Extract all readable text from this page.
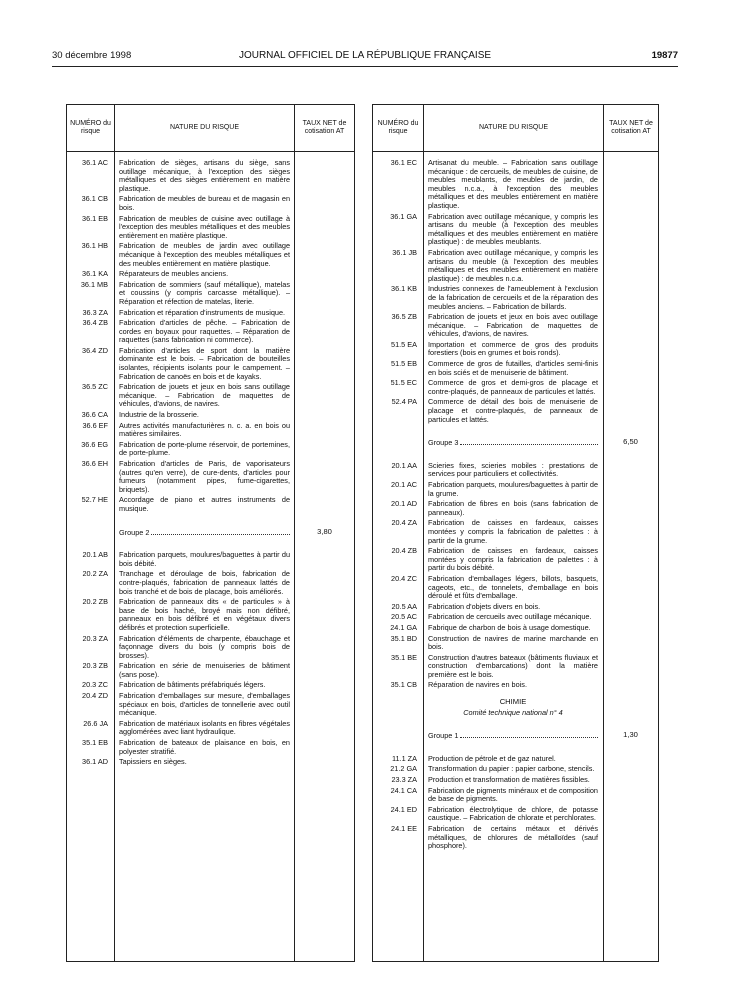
30 décembre 1998	JOURNAL OFFICIEL DE LA RÉPUBLIQUE FRANÇAISE	19877
NUMÉRO du risque
NATURE DU RISQUE
TAUX NET de cotisation AT
36.1 AC	Fabrication de sièges, artisans du siège, sans outillage mécanique, à l'exception des sièges métalliques et des sièges entièrement en matière plastique.
36.1 CB	Fabrication de meubles de bureau et de magasin en bois.
36.1 EB	Fabrication de meubles de cuisine avec outillage à l'exception des meubles métalliques et des meubles entièrement en matière plastique.
36.1 HB	Fabrication de meubles de jardin avec outillage mécanique à l'exception des meubles métalliques et des meubles entièrement en matière plastique.
36.1 KA	Réparateurs de meubles anciens.
36.1 MB	Fabrication de sommiers (sauf métallique), matelas et coussins (y compris carcasse métallique). – Réparation et réfection de matelas, literie.
36.3 ZA	Fabrication et réparation d'instruments de musique.
36.4 ZB	Fabrication d'articles de pêche. – Fabrication de cordes en boyaux pour raquettes. – Réparation de raquettes (sans fabrication ni commerce).
36.4 ZD	Fabrication d'articles de sport dont la matière dominante est le bois. – Fabrication de bouteilles isolantes, récipients isolants pour le campement. – Fabrication de canoës en bois et de kayaks.
36.5 ZC	Fabrication de jouets et jeux en bois sans outillage mécanique. – Fabrication de maquettes de véhicules, d'avions, de navires.
36.6 CA	Industrie de la brosserie.
36.6 EF	Autres activités manufacturières n. c. a. en bois ou matières similaires.
36.6 EG	Fabrication de porte-plume réservoir, de portemines, de porte-plume.
36.6 EH	Fabrication d'articles de Paris, de vaporisateurs (autres qu'en verre), de cure-dents, d'articles pour fumeurs (notamment pipes, fume-cigarettes, briquets).
52.7 HE	Accordage de piano et autres instruments de musique.
Groupe 2	3,80
20.1 AB	Fabrication parquets, moulures/baguettes à partir du bois débité.
20.2 ZA	Tranchage et déroulage de bois, fabrication de contre-plaqués, fabrication de panneaux lattés de bois tranché et de bois de placage, bois améliorés.
20.2 ZB	Fabrication de panneaux dits « de particules » à base de bois haché, broyé mais non défibré, panneaux en bois défibré et en végétaux divers défibrés et protection superficielle.
20.3 ZA	Fabrication d'éléments de charpente, ébauchage et façonnage divers du bois (y compris bois de brosses).
20.3 ZB	Fabrication en série de menuiseries de bâtiment (sans pose).
20.3 ZC	Fabrication de bâtiments préfabriqués légers.
20.4 ZD	Fabrication d'emballages sur mesure, d'emballages spéciaux en bois, d'articles de tonnellerie avec outil mécanique.
26.6 JA	Fabrication de matériaux isolants en fibres végétales agglomérées avec liant hydraulique.
35.1 EB	Fabrication de bateaux de plaisance en bois, en polyester stratifié.
36.1 AD	Tapissiers en sièges.
NUMÉRO du risque
NATURE DU RISQUE
TAUX NET de cotisation AT
36.1 EC	Artisanat du meuble. – Fabrication sans outillage mécanique : de cercueils, de meubles de cuisine, de meubles meublants, de meubles de jardin, de meubles n.c.a., à l'exception des meubles métalliques et des meubles entièrement en matière plastique.
36.1 GA	Fabrication avec outillage mécanique, y compris les artisans du meuble (à l'exception des meubles métalliques et des meubles entièrement en matière plastique) : de meubles meublants.
36.1 JB	Fabrication avec outillage mécanique, y compris les artisans du meuble (à l'exception des meubles métalliques et des meubles entièrement en matière plastique) : de meubles n.c.a.
36.1 KB	Industries connexes de l'ameublement à l'exclusion de la fabrication de cercueils et de la réparation des meubles anciens. – Fabrication de billards.
36.5 ZB	Fabrication de jouets et jeux en bois avec outillage mécanique. – Fabrication de maquettes de véhicules, d'avions, de navires.
51.5 EA	Importation et commerce de gros des produits forestiers (bois en grumes et bois ronds).
51.5 EB	Commerce de gros de futailles, d'articles semi-finis en bois sciés et de menuiserie de bâtiment.
51.5 EC	Commerce de gros et demi-gros de placage et contre-plaqués, de panneaux de particules et lattés.
52.4 PA	Commerce de détail des bois de menuiserie de placage et contre-plaqués, de panneaux de particules et lattés.
Groupe 3	6,50
20.1 AA	Scieries fixes, scieries mobiles : prestations de services pour particuliers et collectivités.
20.1 AC	Fabrication parquets, moulures/baguettes à partir de la grume.
20.1 AD	Fabrication de fibres en bois (sans fabrication de panneaux).
20.4 ZA	Fabrication de caisses en fardeaux, caisses montées y compris la fabrication de palettes : à partir de la grume.
20.4 ZB	Fabrication de caisses en fardeaux, caisses montées y compris la fabrication de palettes : à partir du bois débité.
20.4 ZC	Fabrication d'emballages légers, billots, basquets, cageots, etc., de tonnelets, d'emballage en bois déroulé et fûts d'emballage.
20.5 AA	Fabrication d'objets divers en bois.
20.5 AC	Fabrication de cercueils avec outillage mécanique.
24.1 GA	Fabrique de charbon de bois à usage domestique.
35.1 BD	Construction de navires de marine marchande en bois.
35.1 BE	Construction d'autres bateaux (bâtiments fluviaux et construction d'embarcations) dont la matière première est le bois.
35.1 CB	Réparation de navires en bois.
CHIMIE
Comité technique national n° 4
Groupe 1	1,30
11.1 ZA	Production de pétrole et de gaz naturel.
21.2 GA	Transformation du papier : papier carbone, stencils.
23.3 ZA	Production et transformation de matières fissibles.
24.1 CA	Fabrication de pigments minéraux et de composition de base de pigments.
24.1 ED	Fabrication électrolytique de chlore, de potasse caustique. – Fabrication de chlorate et perchlorates.
24.1 EE	Fabrication de certains métaux et dérivés métalliques, de chlorures de métalloïdes (sauf phosphore).
